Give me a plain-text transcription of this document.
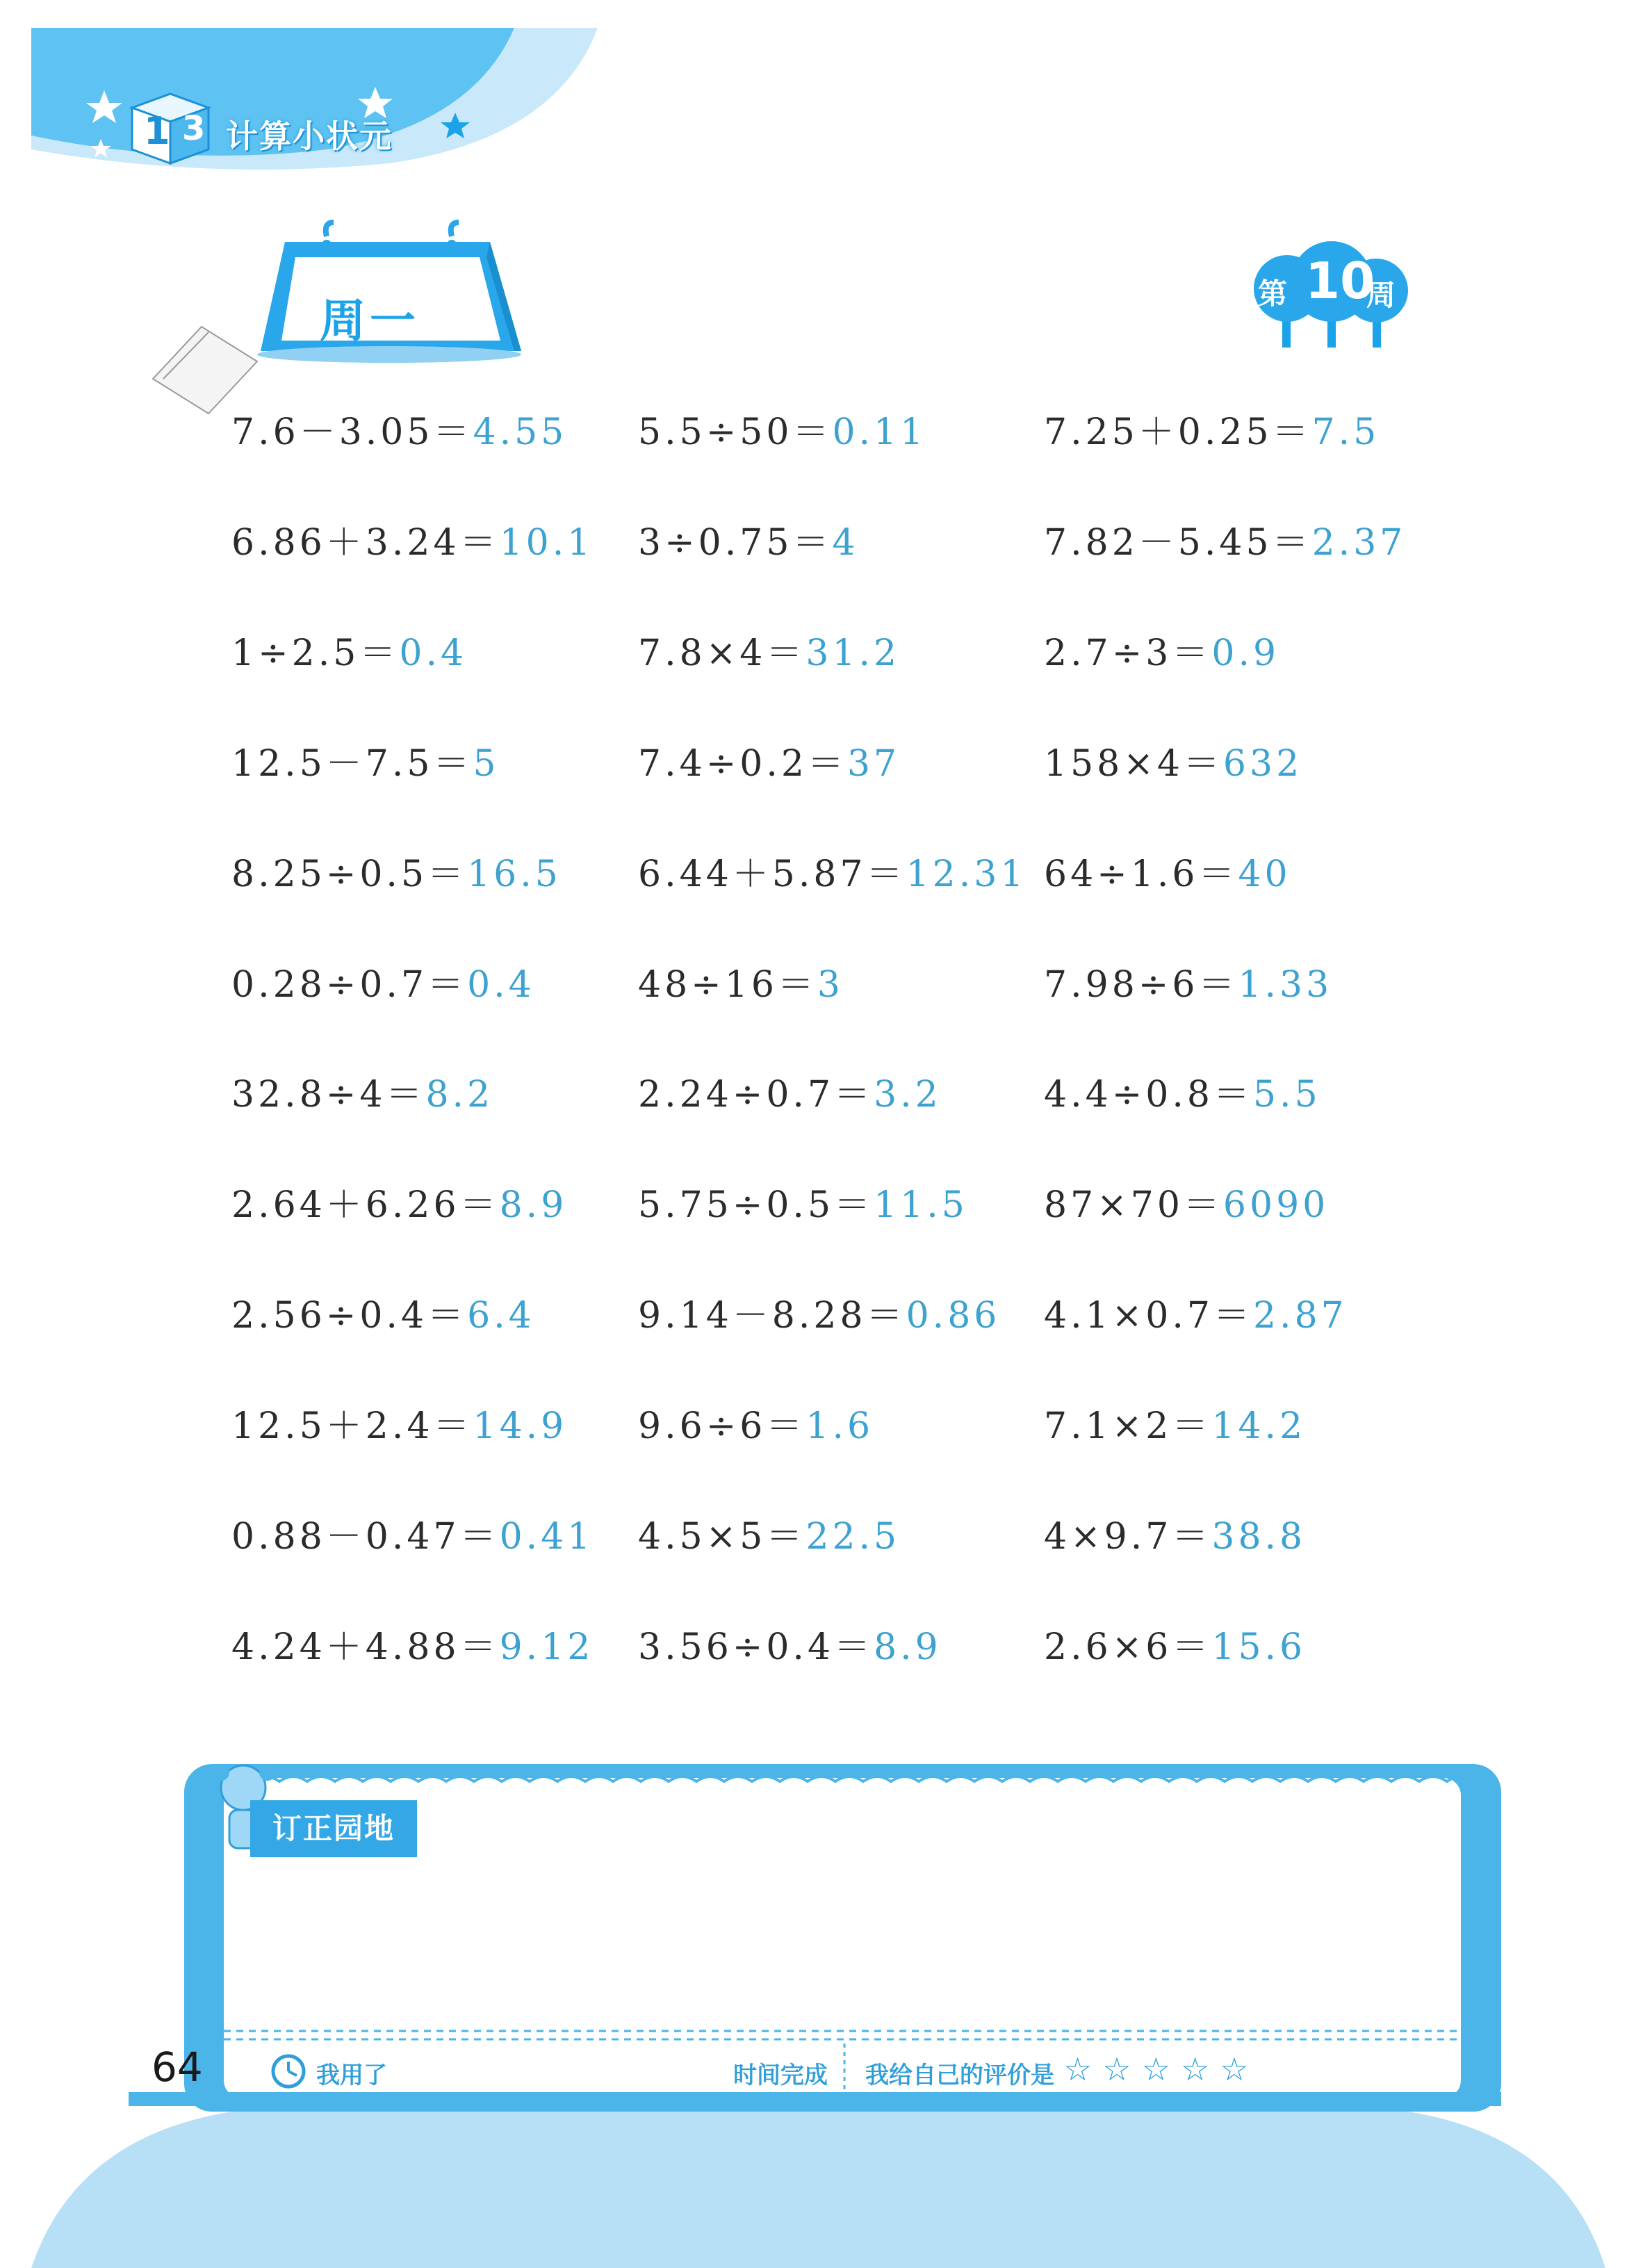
1 3 计算小状元
周一
第 10
周
7.6－3.05＝4.55 5.5÷50＝0.11	7.25＋0.25＝7.5
6.86＋3.24＝10.1 3÷0.75＝4	7.82－5.45＝2.37
1÷2.5＝0.4	7.8×4＝31.2	2.7÷3＝0.9
12.5－7.5＝5	7.4÷0.2＝37	158×4＝632
8.25÷0.5＝16.5 6.44＋5.87＝12.31 64÷1.6＝40
0.28÷0.7＝0.4	48÷16＝3	7.98÷6＝1.33
32.8÷4＝8.2	2.24÷0.7＝3.2	4.4÷0.8＝5.5
2.64＋6.26＝8.9 5.75÷0.5＝11.5 87×70＝6090
2.56÷0.4＝6.4	9.14－8.28＝0.86 4.1×0.7＝2.87
12.5＋2.4＝14.9 9.6÷6＝1.6	7.1×2＝14.2
0.88－0.47＝0.41 4.5×5＝22.5	4×9.7＝38.8
4.24＋4.88＝9.12 3.56÷0.4＝8.9	2.6×6＝15.6
订正园地
我用了	时间完成 我给自己的评价是 ☆ ☆ ☆ ☆ ☆
64
